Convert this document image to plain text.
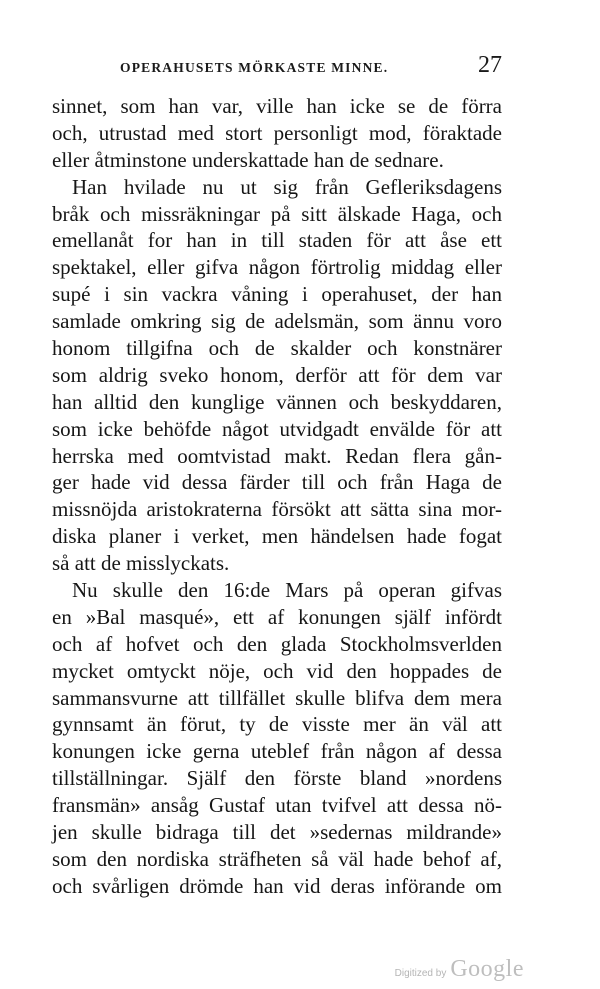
OPERAHUSETS MÖRKASTE MINNE.	27
sinnet, som han var, ville han icke se de förra
och, utrustad med stort personligt mod, föraktade
eller åtminstone underskattade han de sednare.
Han hvilade nu ut sig från Gefleriksdagens
bråk och missräkningar på sitt älskade Haga, och
emellanåt for han in till staden för att åse ett
spektakel, eller gifva någon förtrolig middag eller
supé i sin vackra våning i operahuset, der han
samlade omkring sig de adelsmän, som ännu voro
honom tillgifna och de skalder och konstnärer
som aldrig sveko honom, derför att för dem var
han alltid den kunglige vännen och beskyddaren,
som icke behöfde något utvidgadt envälde för att
herrska med oomtvistad makt. Redan flera gån-
ger hade vid dessa färder till och från Haga de
missnöjda aristokraterna försökt att sätta sina mor-
diska planer i verket, men händelsen hade fogat
så att de misslyckats.
Nu skulle den 16:de Mars på operan gifvas
en »Bal masqué», ett af konungen själf infördt
och af hofvet och den glada Stockholmsverlden
mycket omtyckt nöje, och vid den hoppades de
sammansvurne att tillfället skulle blifva dem mera
gynnsamt än förut, ty de visste mer än väl att
konungen icke gerna uteblef från någon af dessa
tillställningar. Själf den förste bland »nordens
fransmän» ansåg Gustaf utan tvifvel att dessa nö-
jen skulle bidraga till det »sedernas mildrande»
som den nordiska sträfheten så väl hade behof af,
och svårligen drömde han vid deras införande om
Digitized by Google
